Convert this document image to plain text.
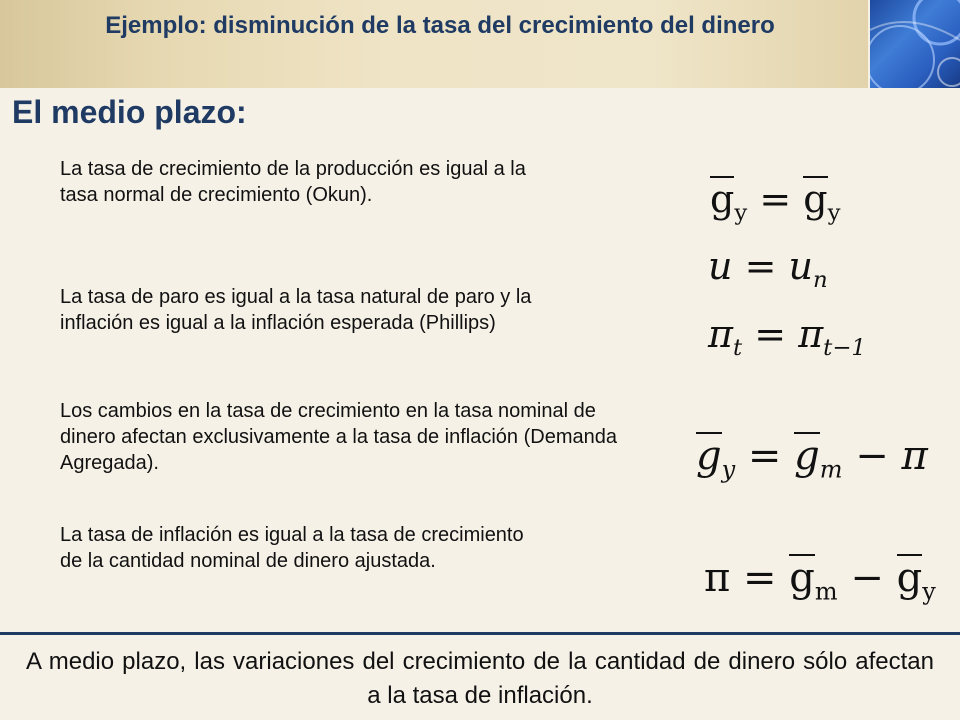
Ejemplo: disminución de la tasa del crecimiento del dinero
El medio plazo:

La tasa de crecimiento de la producción es igual a la tasa normal de crecimiento (Okun).

La tasa de paro es igual a la tasa natural de paro y la inflación es igual a la inflación esperada (Phillips)

Los cambios en la tasa de crecimiento en la tasa nominal de dinero afectan exclusivamente a la tasa de inflación (Demanda Agregada).

La tasa de inflación es igual a la tasa de crecimiento de la cantidad nominal de dinero ajustada.

$g_y = g_y$
$u = u_n$
$\pi_t = \pi_{t-1}$
$g_y = g_m - \pi$
$\pi = g_m - g_y$

A medio plazo, las variaciones del crecimiento de la cantidad de dinero sólo afectan a la tasa de inflación.
